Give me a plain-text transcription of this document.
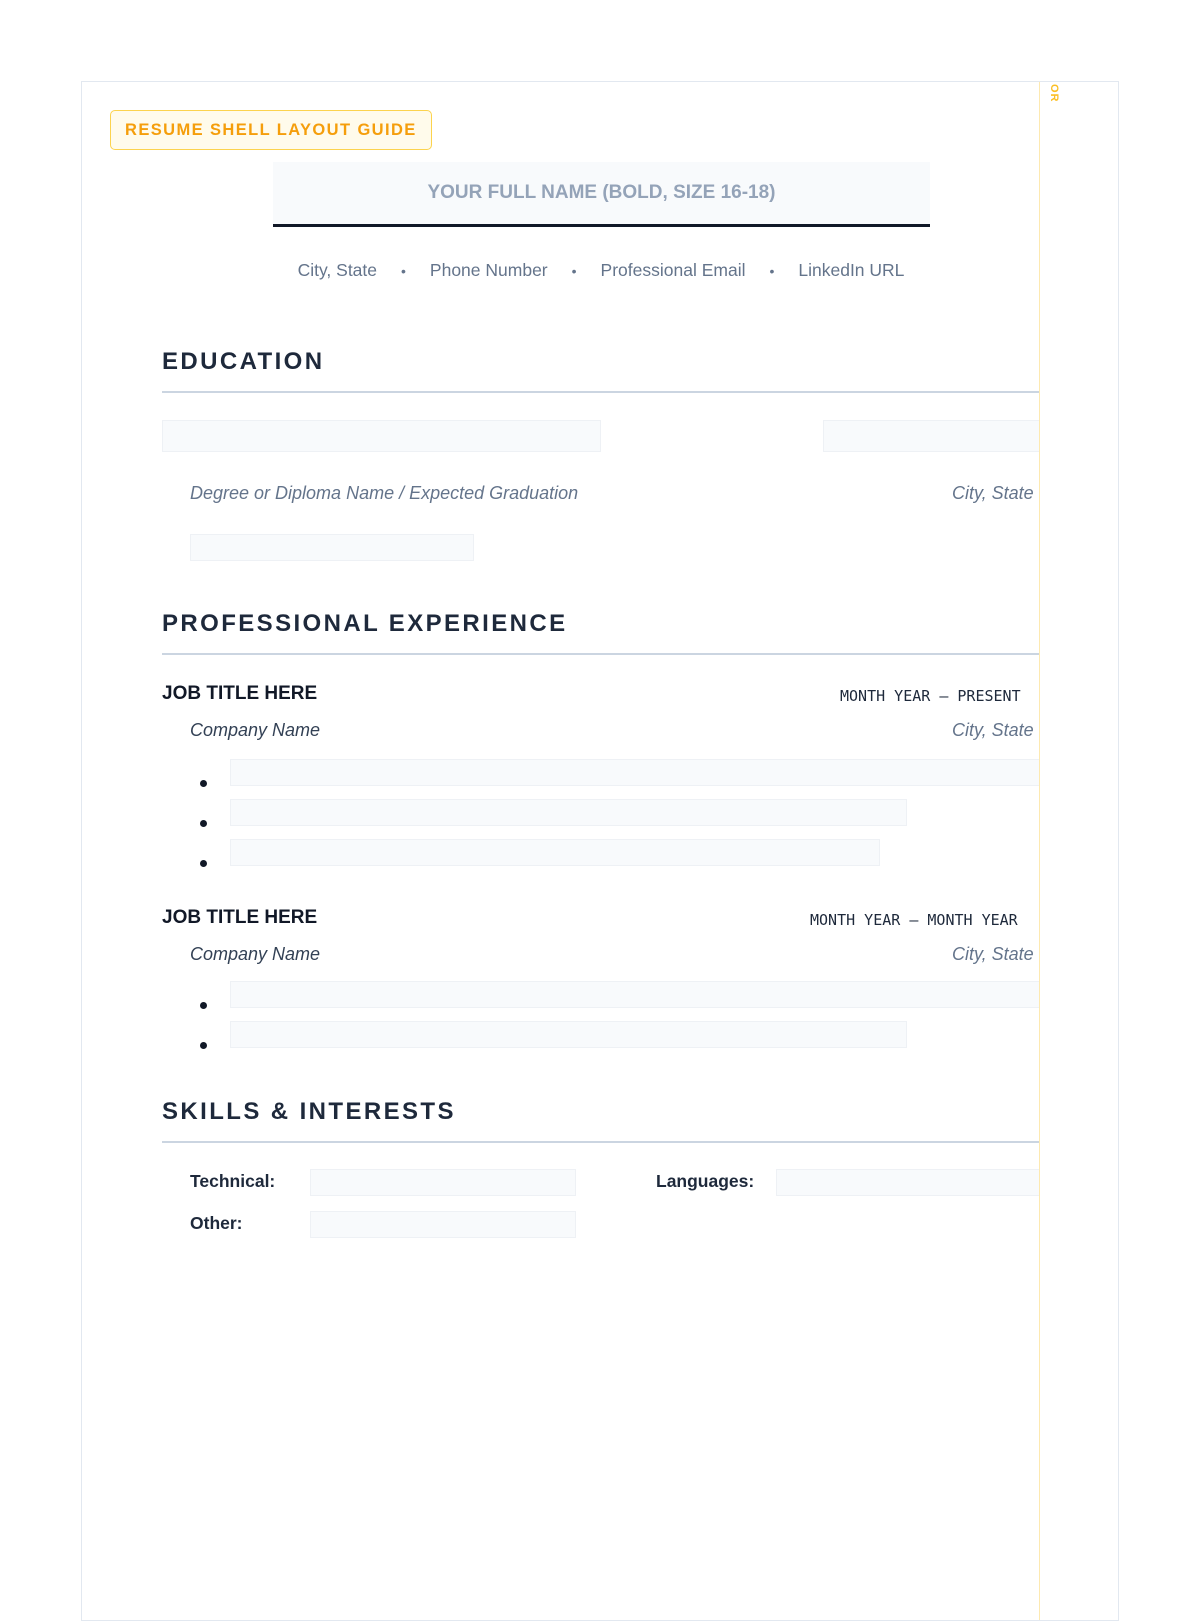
OR
RESUME SHELL LAYOUT GUIDE
YOUR FULL NAME (BOLD, SIZE 16-18)
City, State • Phone Number • Professional Email • LinkedIn URL
EDUCATION
Degree or Diploma Name / Expected Graduation	City, State
PROFESSIONAL EXPERIENCE
JOB TITLE HERE	MONTH YEAR – PRESENT
Company Name	City, State
JOB TITLE HERE	MONTH YEAR – MONTH YEAR
Company Name	City, State
SKILLS & INTERESTS
Technical:	Languages:
Other:
